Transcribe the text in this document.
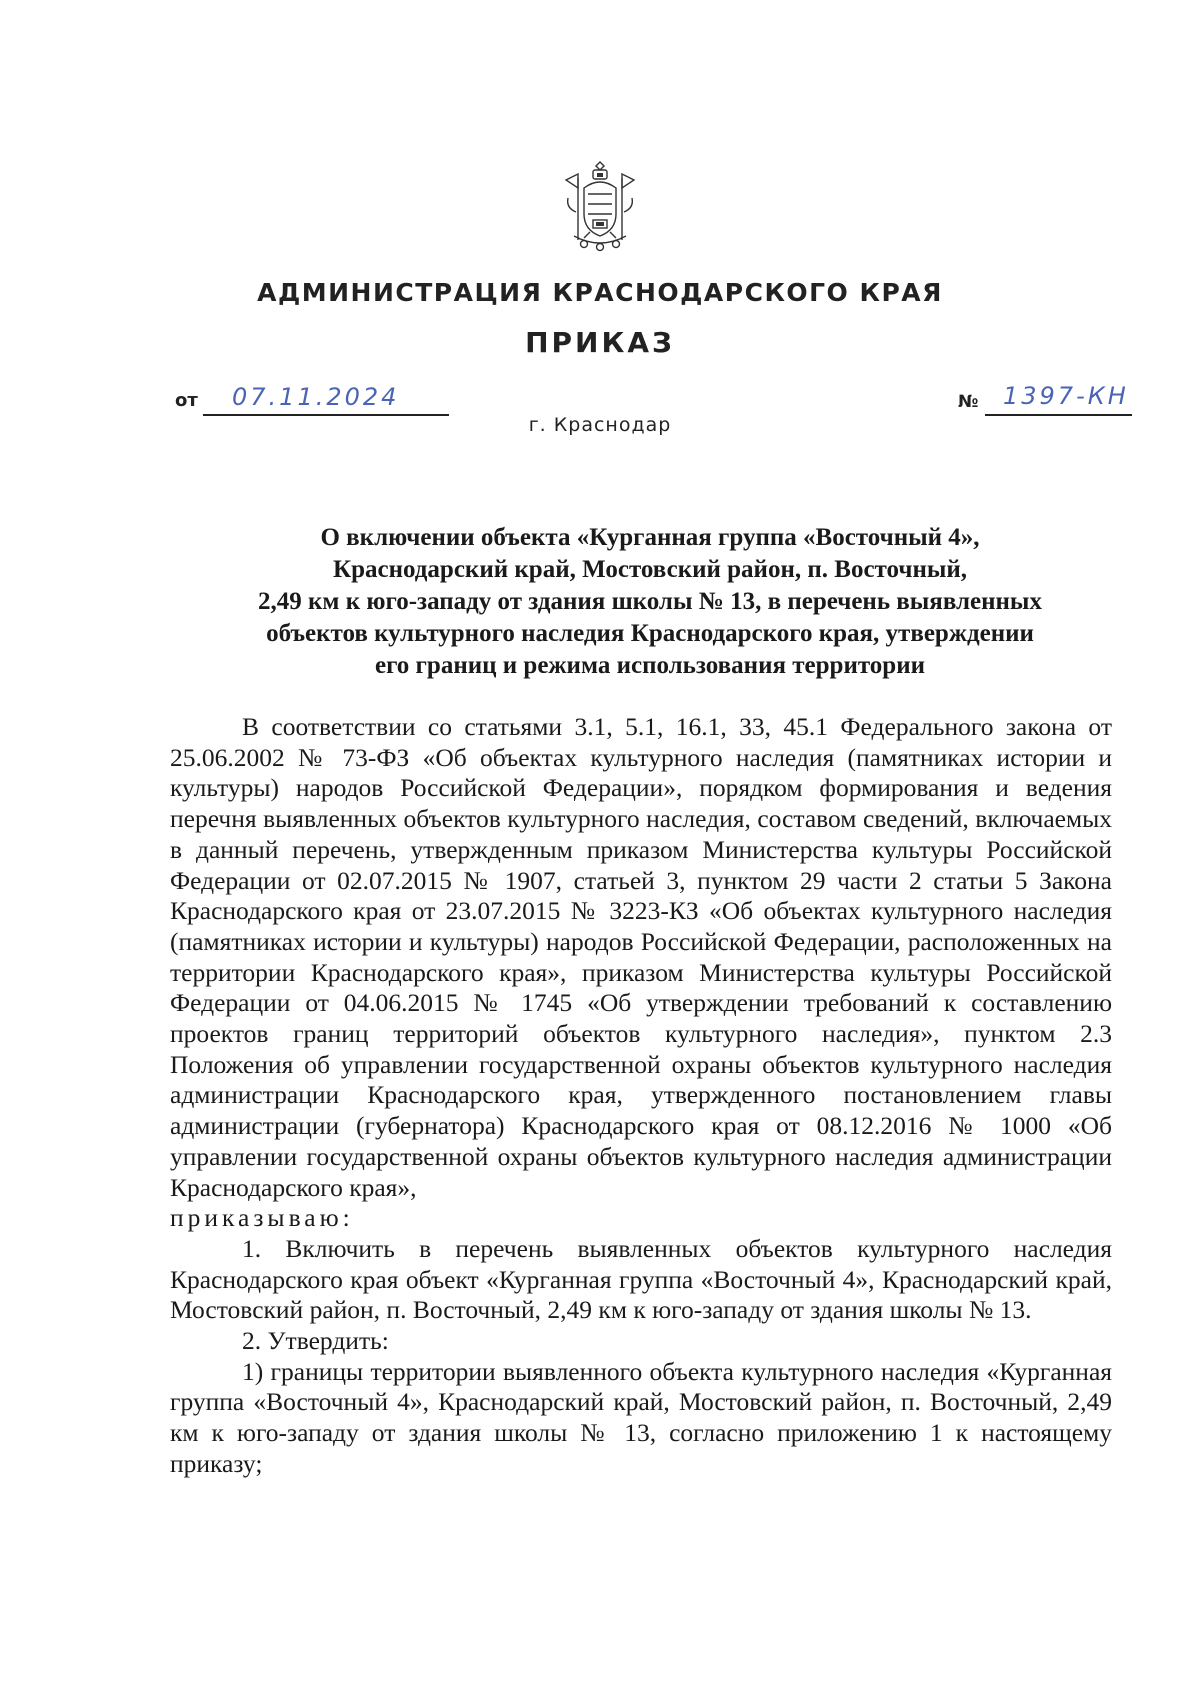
АДМИНИСТРАЦИЯ КРАСНОДАРСКОГО КРАЯ
ПРИКАЗ
от 07.11.2024	№ 1397-КН
г. Краснодар
О включении объекта «Курганная группа «Восточный 4»,
Краснодарский край, Мостовский район, п. Восточный,
2,49 км к юго-западу от здания школы № 13, в перечень выявленных
объектов культурного наследия Краснодарского края, утверждении
его границ и режима использования территории

В соответствии со статьями 3.1, 5.1, 16.1, 33, 45.1 Федерального закона от 25.06.2002 № 73-ФЗ «Об объектах культурного наследия (памятниках истории и культуры) народов Российской Федерации», порядком формирования и ведения перечня выявленных объектов культурного наследия, составом сведений, включаемых в данный перечень, утвержденным приказом Министерства культуры Российской Федерации от 02.07.2015 № 1907, статьей 3, пунктом 29 части 2 статьи 5 Закона Краснодарского края от 23.07.2015 № 3223-КЗ «Об объектах культурного наследия (памятниках истории и культуры) народов Российской Федерации, расположенных на территории Краснодарского края», приказом Министерства культуры Российской Федерации от 04.06.2015 № 1745 «Об утверждении требований к составлению проектов границ территорий объектов культурного наследия», пунктом 2.3 Положения об управлении государственной охраны объектов культурного наследия администрации Краснодарского края, утвержденного постановлением главы администрации (губернатора) Краснодарского края от 08.12.2016 № 1000 «Об управлении государственной охраны объектов культурного наследия администрации Краснодарского края»,

приказываю:

1. Включить в перечень выявленных объектов культурного наследия Краснодарского края объект «Курганная группа «Восточный 4», Краснодарский край, Мостовский район, п. Восточный, 2,49 км к юго-западу от здания школы № 13.

2. Утвердить:

1) границы территории выявленного объекта культурного наследия «Курганная группа «Восточный 4», Краснодарский край, Мостовский район, п. Восточный, 2,49 км к юго-западу от здания школы № 13, согласно приложению 1 к настоящему приказу;
